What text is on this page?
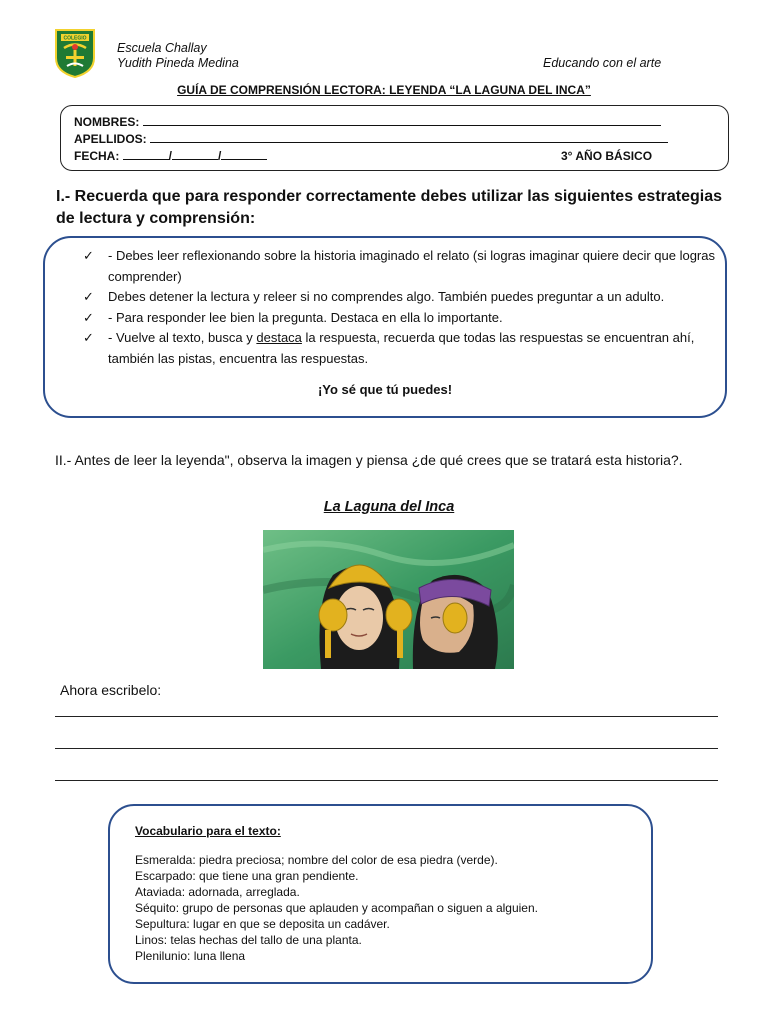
COLEGIO
Escuela Challay
Yudith Pineda Medina	Educando con el arte
GUÍA DE COMPRENSIÓN LECTORA: LEYENDA “LA LAGUNA DEL INCA”
NOMBRES:
APELLIDOS:
FECHA:	/	/	3° AÑO BÁSICO
I.- Recuerda que para responder correctamente debes utilizar las siguientes estrategias de lectura y comprensión:
✓ - Debes leer reflexionando sobre la historia imaginado el relato (si logras imaginar quiere decir que logras comprender)
✓ Debes detener la lectura y releer si no comprendes algo. También puedes preguntar a un adulto.
✓ - Para responder lee bien la pregunta. Destaca en ella lo importante.
✓ - Vuelve al texto, busca y destaca la respuesta, recuerda que todas las respuestas se encuentran ahí, también las pistas, encuentra las respuestas.
¡Yo sé que tú puedes!
II.- Antes de leer la leyenda", observa la imagen y piensa ¿de qué crees que se tratará esta historia?.
La Laguna del Inca
Ahora escribelo:
Vocabulario para el texto:
Esmeralda: piedra preciosa; nombre del color de esa piedra (verde).
Escarpado: que tiene una gran pendiente.
Ataviada: adornada, arreglada.
Séquito: grupo de personas que aplauden y acompañan o siguen a alguien.
Sepultura: lugar en que se deposita un cadáver.
Linos: telas hechas del tallo de una planta.
Plenilunio: luna llena
